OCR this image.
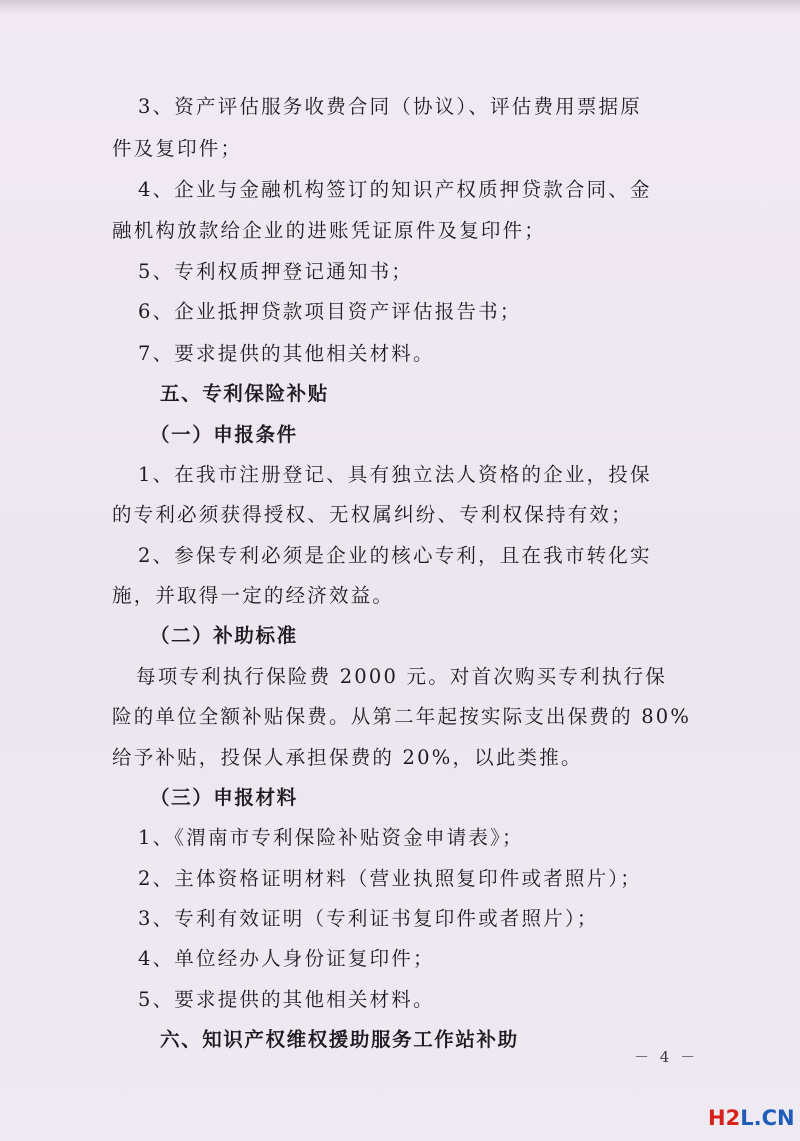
3、资产评估服务收费合同（协议）、评估费用票据原
件及复印件；
4、企业与金融机构签订的知识产权质押贷款合同、金
融机构放款给企业的进账凭证原件及复印件；
5、专利权质押登记通知书；
6、企业抵押贷款项目资产评估报告书；
7、要求提供的其他相关材料。
五、专利保险补贴
（一）申报条件
1、在我市注册登记、具有独立法人资格的企业，投保
的专利必须获得授权、无权属纠纷、专利权保持有效；
2、参保专利必须是企业的核心专利，且在我市转化实
施，并取得一定的经济效益。
（二）补助标准
每项专利执行保险费 2000 元。对首次购买专利执行保
险的单位全额补贴保费。从第二年起按实际支出保费的 80%
给予补贴，投保人承担保费的 20%，以此类推。
（三）申报材料
1、《渭南市专利保险补贴资金申请表》；
2、主体资格证明材料（营业执照复印件或者照片）；
3、专利有效证明（专利证书复印件或者照片）；
4、单位经办人身份证复印件；
5、要求提供的其他相关材料。
六、知识产权维权援助服务工作站补助
－ 4 －
H2L.CN
